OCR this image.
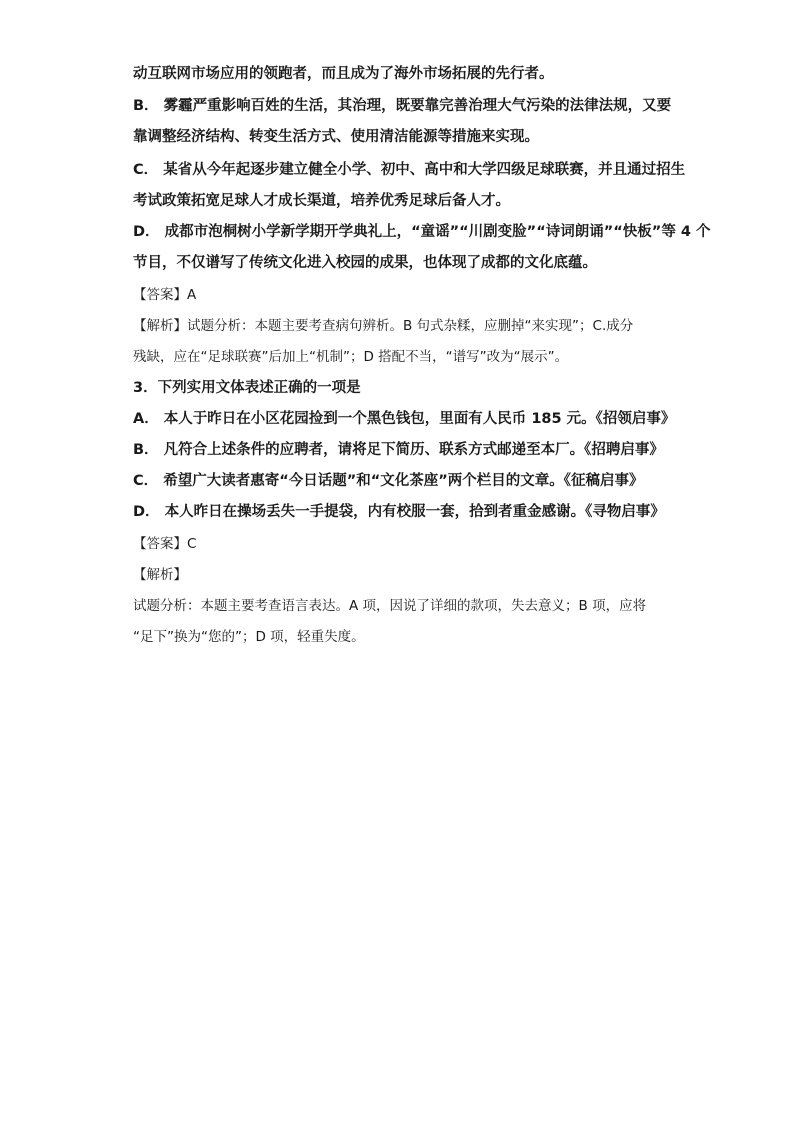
动互联网市场应用的领跑者，而且成为了海外市场拓展的先行者。
B． 雾霾严重影响百姓的生活，其治理，既要靠完善治理大气污染的法律法规，又要
靠调整经济结构、转变生活方式、使用清洁能源等措施来实现。
C． 某省从今年起逐步建立健全小学、初中、高中和大学四级足球联赛，并且通过招生
考试政策拓宽足球人才成长渠道，培养优秀足球后备人才。
D． 成都市泡桐树小学新学期开学典礼上，“童谣”“川剧变脸”“诗词朗诵”“快板”等 4 个
节目，不仅谱写了传统文化进入校园的成果，也体现了成都的文化底蕴。
【答案】A
【解析】试题分析：本题主要考查病句辨析。B 句式杂糅，应删掉“来实现”；C.成分
残缺，应在“足球联赛”后加上“机制”；D 搭配不当，“谱写”改为“展示”。
3．下列实用文体表述正确的一项是
A． 本人于昨日在小区花园捡到一个黑色钱包，里面有人民币 185 元。《招领启事》
B． 凡符合上述条件的应聘者，请将足下简历、联系方式邮递至本厂。《招聘启事》
C． 希望广大读者惠寄“今日话题”和“文化茶座”两个栏目的文章。《征稿启事》
D． 本人昨日在操场丢失一手提袋，内有校服一套，拾到者重金感谢。《寻物启事》
【答案】C
【解析】
试题分析：本题主要考查语言表达。A 项，因说了详细的款项，失去意义；B 项，应将
“足下”换为“您的”；D 项，轻重失度。
